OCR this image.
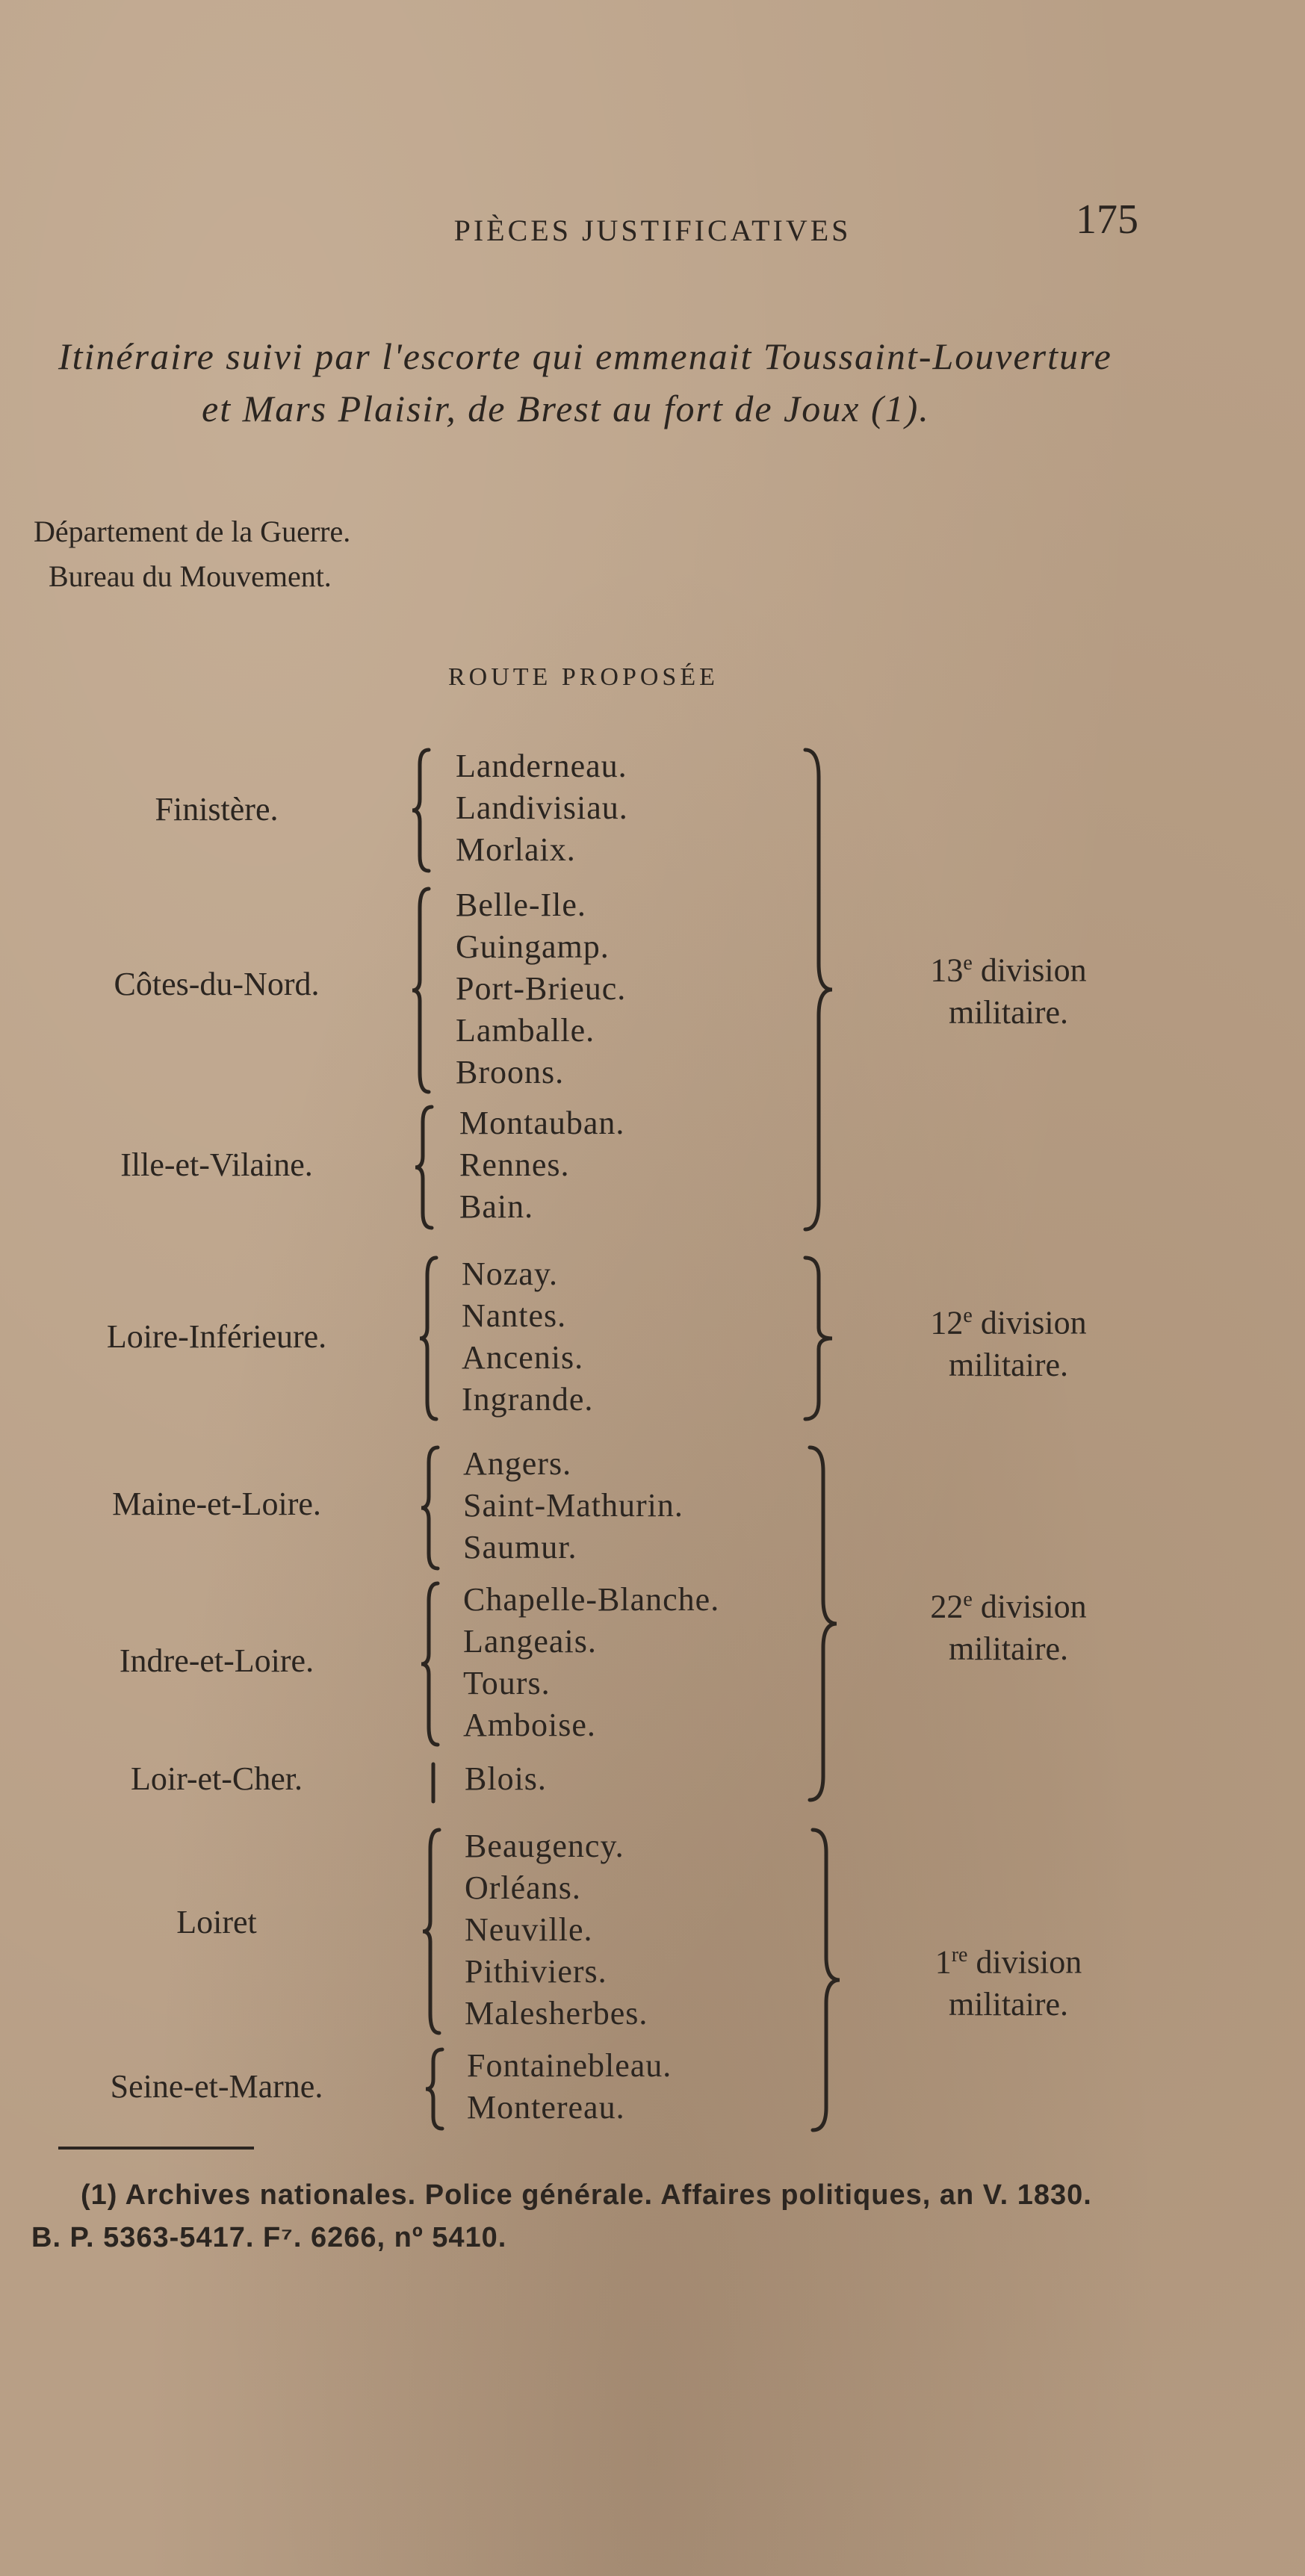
PIÈCES JUSTIFICATIVES	175
Itinéraire suivi par l'escorte qui emmenait Toussaint-Louverture
et Mars Plaisir, de Brest au fort de Joux (1).
Département de la Guerre.
Bureau du Mouvement.
ROUTE PROPOSÉE
Finistère.
Côtes-du-Nord.
Ille-et-Vilaine.
Loire-Inférieure.
Maine-et-Loire.
Indre-et-Loire.
Loir-et-Cher.
Loiret
Seine-et-Marne.
Landerneau.
Landivisiau.
Morlaix.
Belle-Ile.
Guingamp.
Port-Brieuc.
Lamballe.
Broons.
Montauban.
Rennes.
Bain.
Nozay.
Nantes.
Ancenis.
Ingrande.
Angers.
Saint-Mathurin.
Saumur.
Chapelle-Blanche.
Langeais.
Tours.
Amboise.
Blois.
Beaugency.
Orléans.
Neuville.
Pithiviers.
Malesherbes.
Fontainebleau.
Montereau.
13e division
militaire.
12e division
militaire.
22e division
militaire.
1re division
militaire.
(1) Archives nationales. Police générale. Affaires politiques, an V. 1830.
B. P. 5363-5417. F⁷. 6266, nº 5410.
